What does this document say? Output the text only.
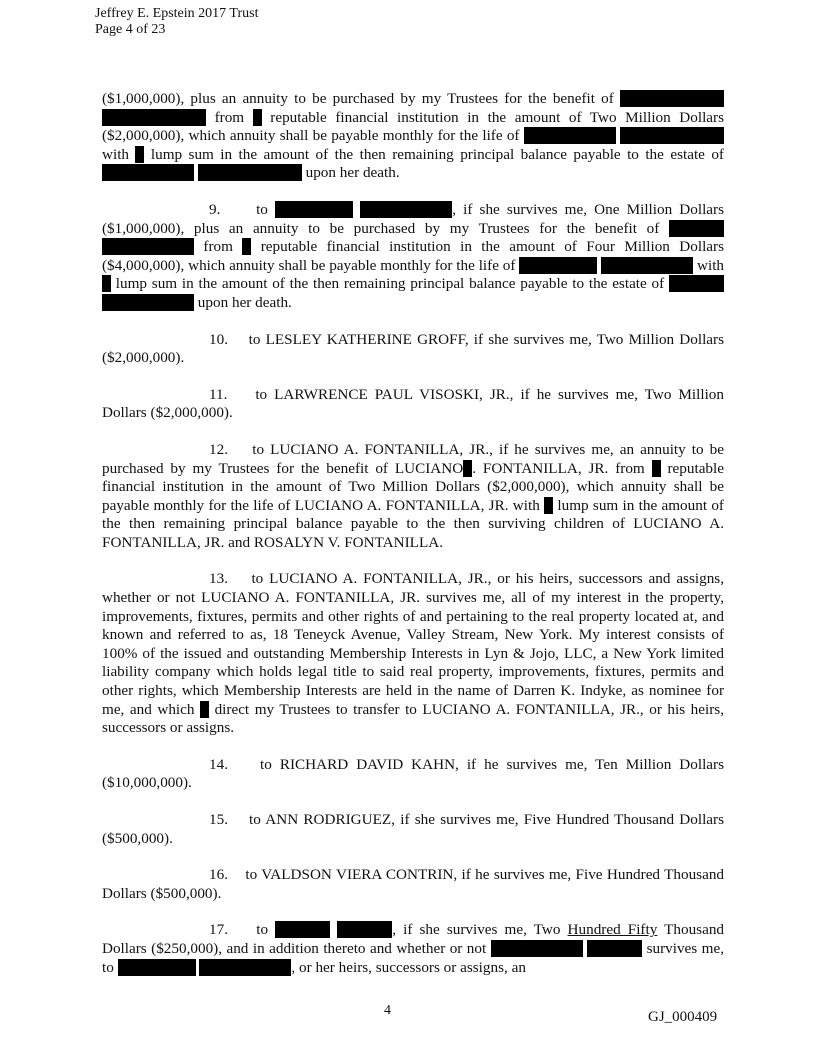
Jeffrey E. Epstein 2017 Trust
Page 4 of 23

($1,000,000), plus an annuity to be purchased by my Trustees for the benefit of   from reputable financial institution in the amount of Two Million Dollars ($2,000,000), which annuity shall be payable monthly for the life of   with lump sum in the amount of the then remaining principal balance payable to the estate of   upon her death.

9. to	, if she survives me, One Million Dollars ($1,000,000), plus an annuity to be purchased by my Trustees for the benefit of   from reputable financial institution in the amount of Four Million Dollars ($4,000,000), which annuity shall be payable monthly for the life of	with  lump sum in the amount of the then remaining principal balance payable to the estate of   upon her death.

10. to LESLEY KATHERINE GROFF, if she survives me, Two Million Dollars ($2,000,000).

11. to LARWRENCE PAUL VISOSKI, JR., if he survives me, Two Million Dollars ($2,000,000).

12. to LUCIANO A. FONTANILLA, JR., if he survives me, an annuity to be purchased by my Trustees for the benefit of LUCIANO . FONTANILLA, JR. from reputable financial institution in the amount of Two Million Dollars ($2,000,000), which annuity shall be payable monthly for the life of LUCIANO A. FONTANILLA, JR. with lump sum in the amount of the then remaining principal balance payable to the then surviving children of LUCIANO A. FONTANILLA, JR. and ROSALYN V. FONTANILLA.

13. to LUCIANO A. FONTANILLA, JR., or his heirs, successors and assigns, whether or not LUCIANO A. FONTANILLA, JR. survives me, all of my interest in the property, improvements, fixtures, permits and other rights of and pertaining to the real property located at, and known and referred to as, 18 Teneyck Avenue, Valley Stream, New York. My interest consists of 100% of the issued and outstanding Membership Interests in Lyn & Jojo, LLC, a New York limited liability company which holds legal title to said real property, improvements, fixtures, permits and other rights, which Membership Interests are held in the name of Darren K. Indyke, as nominee for me, and which direct my Trustees to transfer to LUCIANO A. FONTANILLA, JR., or his heirs, successors or assigns.

14. to RICHARD DAVID KAHN, if he survives me, Ten Million Dollars ($10,000,000).

15. to ANN RODRIGUEZ, if she survives me, Five Hundred Thousand Dollars ($500,000).

16. to VALDSON VIERA CONTRIN, if he survives me, Five Hundred Thousand Dollars ($500,000).

17. to	, if she survives me, Two Hundred Fifty Thousand Dollars ($250,000), and in addition thereto and whether or not	survives me, to	, or her heirs, successors or assigns, an

4	GJ_000409
